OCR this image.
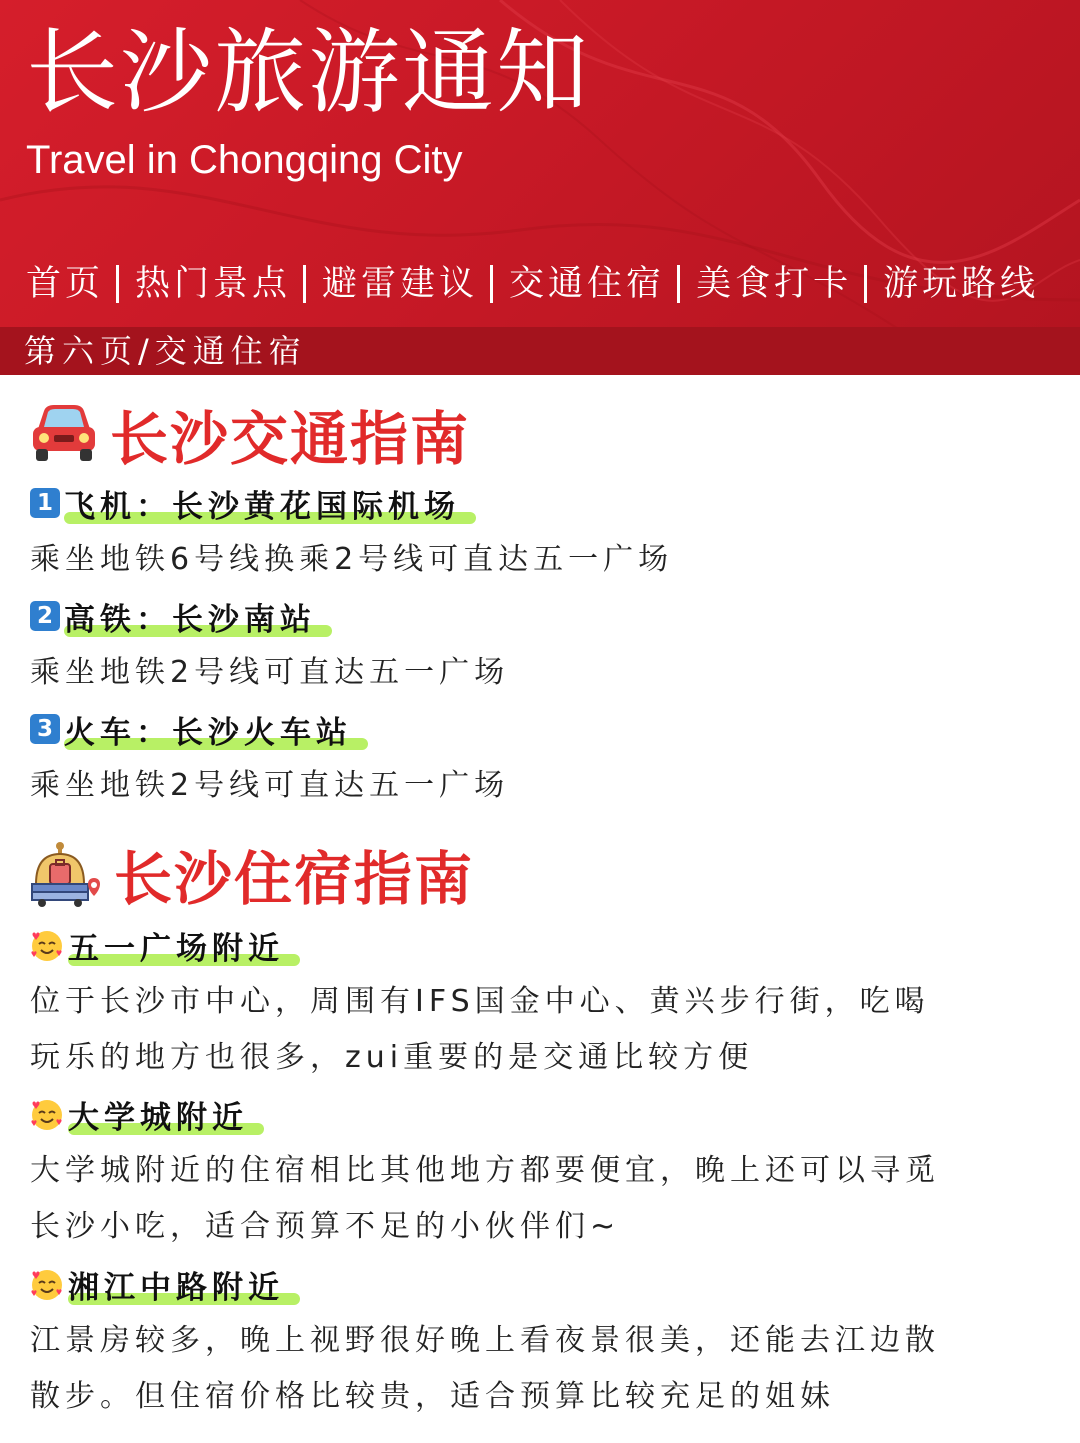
长沙旅游通知
Travel in Chongqing City
首页 热门景点 避雷建议 交通住宿 美食打卡 游玩路线
第六页/交通住宿
长沙交通指南
1 飞机：长沙黄花国际机场
乘坐地铁6号线换乘2号线可直达五一广场
2 高铁：长沙南站
乘坐地铁2号线可直达五一广场
3 火车：长沙火车站
乘坐地铁2号线可直达五一广场
长沙住宿指南
五一广场附近
位于长沙市中心，周围有IFS国金中心、黄兴步行街，吃喝
玩乐的地方也很多，zui重要的是交通比较方便
大学城附近
大学城附近的住宿相比其他地方都要便宜，晚上还可以寻觅
长沙小吃，适合预算不足的小伙伴们~
湘江中路附近
江景房较多，晚上视野很好晚上看夜景很美，还能去江边散
散步。但住宿价格比较贵，适合预算比较充足的姐妹
